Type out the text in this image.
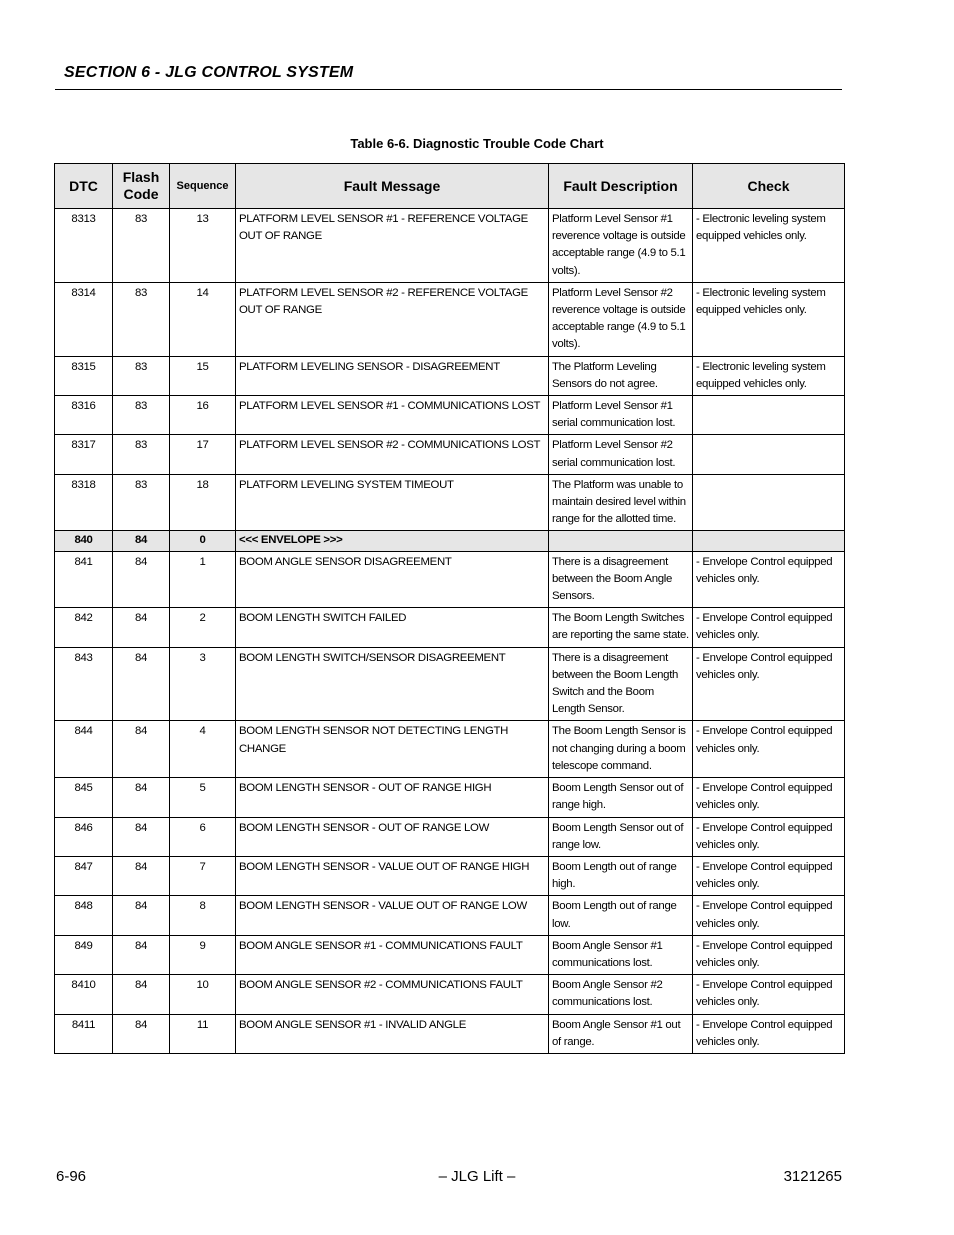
SECTION 6 - JLG CONTROL SYSTEM
Table 6-6. Diagnostic Trouble Code Chart
DTC	Flash Code	Sequence	Fault Message	Fault Description	Check
8313	83	13	PLATFORM LEVEL SENSOR #1 - REFERENCE VOLTAGE OUT OF RANGE	Platform Level Sensor #1 reverence voltage is outside acceptable range (4.9 to 5.1 volts).	- Electronic leveling system equipped vehicles only.
8314	83	14	PLATFORM LEVEL SENSOR #2 - REFERENCE VOLTAGE OUT OF RANGE	Platform Level Sensor #2 reverence voltage is outside acceptable range (4.9 to 5.1 volts).	- Electronic leveling system equipped vehicles only.
8315	83	15	PLATFORM LEVELING SENSOR - DISAGREEMENT	The Platform Leveling Sensors do not agree.	- Electronic leveling system equipped vehicles only.
8316	83	16	PLATFORM LEVEL SENSOR #1 - COMMUNICATIONS LOST	Platform Level Sensor #1 serial communication lost.	
8317	83	17	PLATFORM LEVEL SENSOR #2 - COMMUNICATIONS LOST	Platform Level Sensor #2 serial communication lost.	
8318	83	18	PLATFORM LEVELING SYSTEM TIMEOUT	The Platform was unable to maintain desired level within range for the allotted time.	
840	84	0	<<< ENVELOPE >>>		
841	84	1	BOOM ANGLE SENSOR DISAGREEMENT	There is a disagreement between the Boom Angle Sensors.	- Envelope Control equipped vehicles only.
842	84	2	BOOM LENGTH SWITCH FAILED	The Boom Length Switches are reporting the same state.	- Envelope Control equipped vehicles only.
843	84	3	BOOM LENGTH SWITCH/SENSOR DISAGREEMENT	There is a disagreement between the Boom Length Switch and the Boom Length Sensor.	- Envelope Control equipped vehicles only.
844	84	4	BOOM LENGTH SENSOR NOT DETECTING LENGTH CHANGE	The Boom Length Sensor is not changing during a boom telescope command.	- Envelope Control equipped vehicles only.
845	84	5	BOOM LENGTH SENSOR - OUT OF RANGE HIGH	Boom Length Sensor out of range high.	- Envelope Control equipped vehicles only.
846	84	6	BOOM LENGTH SENSOR - OUT OF RANGE LOW	Boom Length Sensor out of range low.	- Envelope Control equipped vehicles only.
847	84	7	BOOM LENGTH SENSOR - VALUE OUT OF RANGE HIGH	Boom Length out of range high.	- Envelope Control equipped vehicles only.
848	84	8	BOOM LENGTH SENSOR - VALUE OUT OF RANGE LOW	Boom Length out of range low.	- Envelope Control equipped vehicles only.
849	84	9	BOOM ANGLE SENSOR #1 - COMMUNICATIONS FAULT	Boom Angle Sensor #1 communications lost.	- Envelope Control equipped vehicles only.
8410	84	10	BOOM ANGLE SENSOR #2 - COMMUNICATIONS FAULT	Boom Angle Sensor #2 communications lost.	- Envelope Control equipped vehicles only.
8411	84	11	BOOM ANGLE SENSOR #1 - INVALID ANGLE	Boom Angle Sensor #1 out of range.	- Envelope Control equipped vehicles only.
6-96	– JLG Lift –	3121265
